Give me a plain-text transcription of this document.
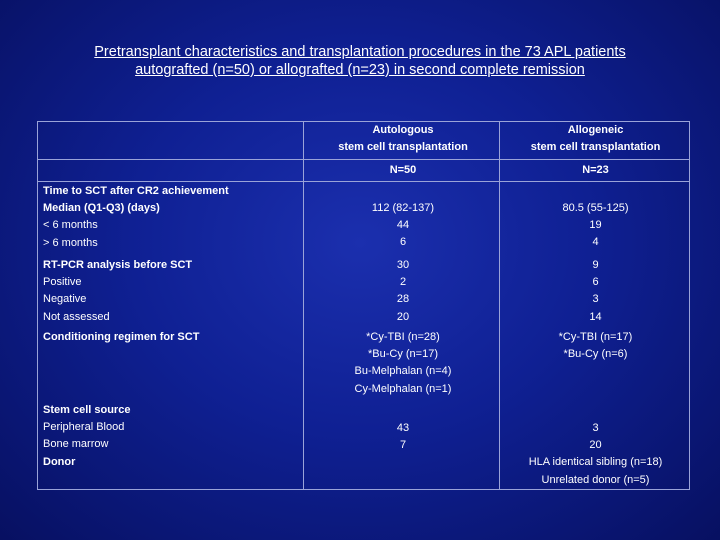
Pretransplant characteristics and transplantation procedures in the 73 APL patients
autografted (n=50) or allografted (n=23) in second complete remission
Autologous
stem cell transplantation
Allogeneic
stem cell transplantation
N=50	N=23
Time to SCT after CR2 achievement
Median (Q1-Q3) (days)
< 6 months
> 6 months
112 (82-137)
44
6
80.5 (55-125)
19
4
RT-PCR analysis before SCT
Positive
Negative
Not assessed
30
2
28
20
9
6
3
14
Conditioning regimen for SCT	*Cy-TBI (n=28)
*Bu-Cy (n=17)
Bu-Melphalan (n=4)
Cy-Melphalan (n=1)
*Cy-TBI (n=17)
*Bu-Cy (n=6)
Stem cell source
Peripheral Blood
Bone marrow
Donor
43
7
3
20
HLA identical sibling (n=18)
Unrelated donor (n=5)
